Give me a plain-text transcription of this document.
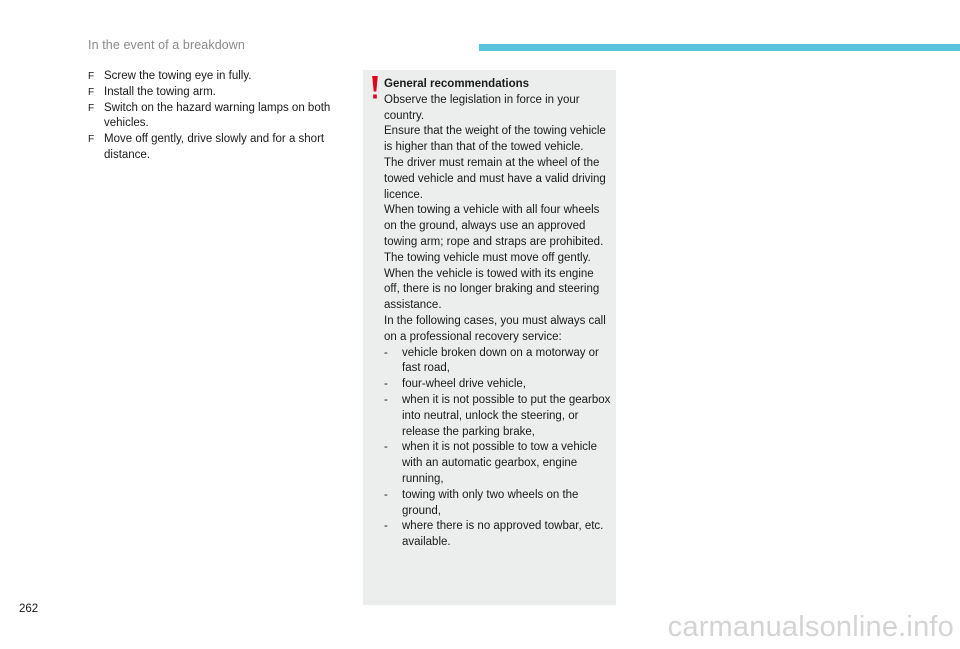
In the event of a breakdown
F Screw the towing eye in fully.
F Install the towing arm.
F Switch on the hazard warning lamps on both vehicles.
F Move off gently, drive slowly and for a short distance.
General recommendations
Observe the legislation in force in your country.
Ensure that the weight of the towing vehicle is higher than that of the towed vehicle.
The driver must remain at the wheel of the towed vehicle and must have a valid driving licence.
When towing a vehicle with all four wheels on the ground, always use an approved towing arm; rope and straps are prohibited.
The towing vehicle must move off gently.
When the vehicle is towed with its engine off, there is no longer braking and steering assistance.
In the following cases, you must always call on a professional recovery service:
- vehicle broken down on a motorway or fast road,
- four-wheel drive vehicle,
- when it is not possible to put the gearbox into neutral, unlock the steering, or release the parking brake,
- when it is not possible to tow a vehicle with an automatic gearbox, engine running,
- towing with only two wheels on the ground,
- where there is no approved towbar, etc. available.
262
carmanualsonline.info
